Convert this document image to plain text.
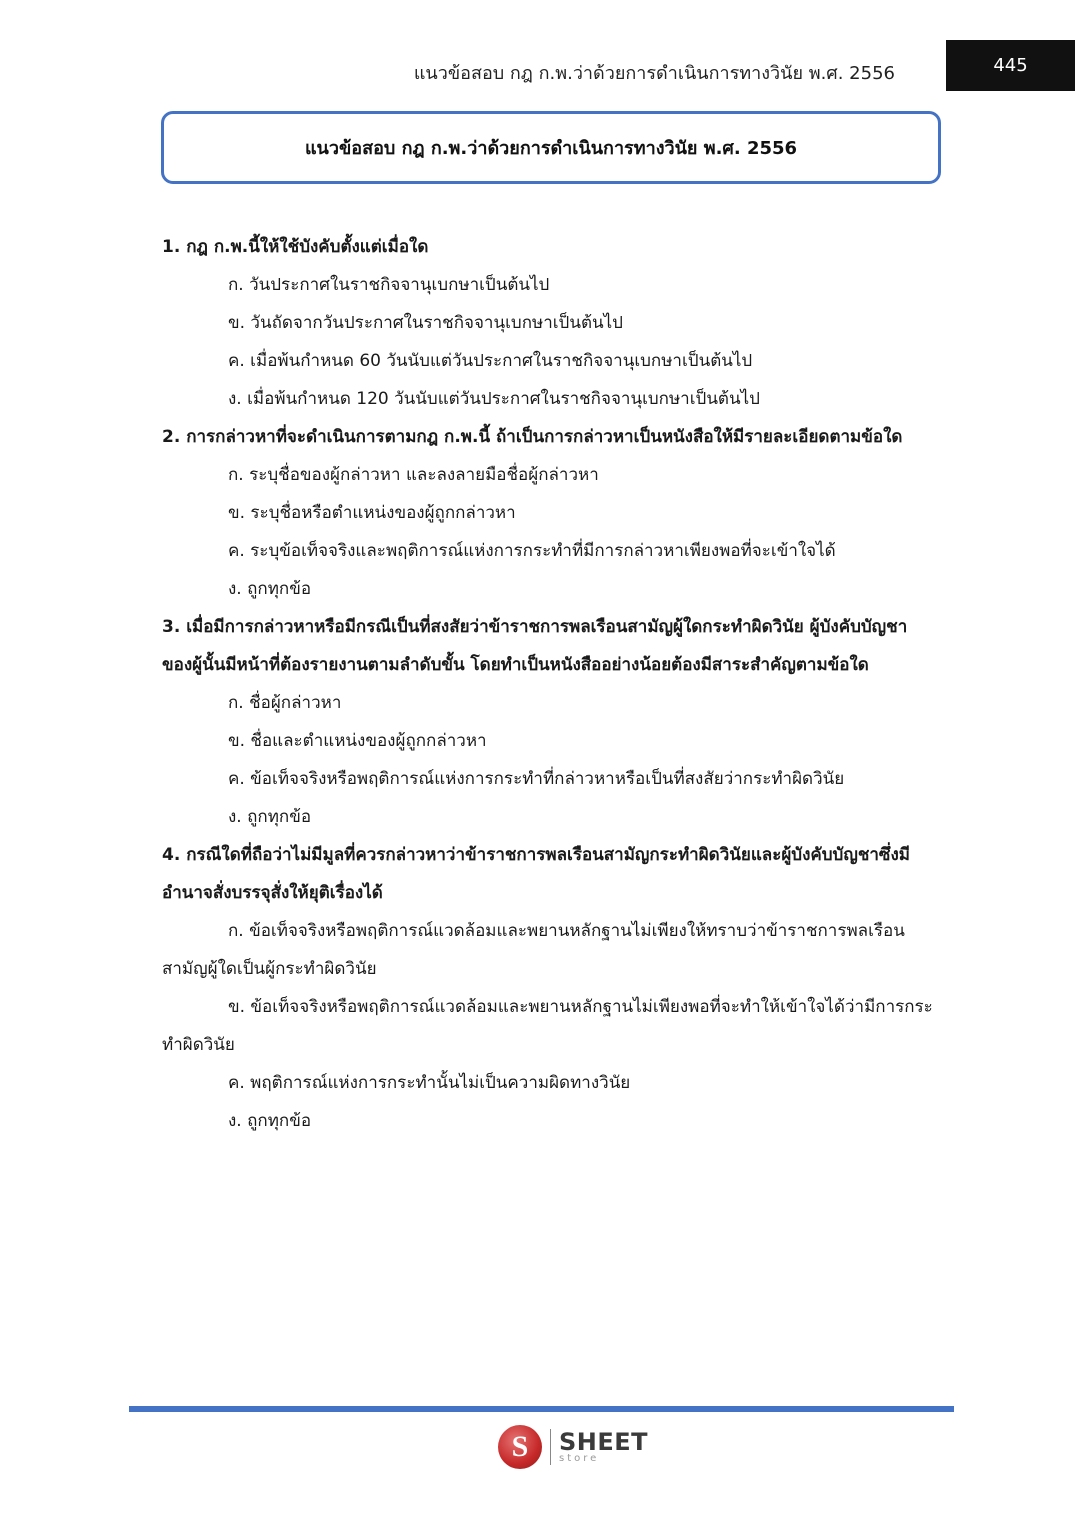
แนวข้อสอบ กฎ ก.พ.ว่าด้วยการดำเนินการทางวินัย พ.ศ. 2556	445
แนวข้อสอบ กฎ ก.พ.ว่าด้วยการดำเนินการทางวินัย พ.ศ. 2556

1. กฎ ก.พ.นี้ให้ใช้บังคับตั้งแต่เมื่อใด

ก. วันประกาศในราชกิจจานุเบกษาเป็นต้นไป

ข. วันถัดจากวันประกาศในราชกิจจานุเบกษาเป็นต้นไป

ค. เมื่อพ้นกำหนด 60 วันนับแต่วันประกาศในราชกิจจานุเบกษาเป็นต้นไป

ง. เมื่อพ้นกำหนด 120 วันนับแต่วันประกาศในราชกิจจานุเบกษาเป็นต้นไป

2. การกล่าวหาที่จะดำเนินการตามกฎ ก.พ.นี้ ถ้าเป็นการกล่าวหาเป็นหนังสือให้มีรายละเอียดตามข้อใด

ก. ระบุชื่อของผู้กล่าวหา และลงลายมือชื่อผู้กล่าวหา

ข. ระบุชื่อหรือตำแหน่งของผู้ถูกกล่าวหา

ค. ระบุข้อเท็จจริงและพฤติการณ์แห่งการกระทำที่มีการกล่าวหาเพียงพอที่จะเข้าใจได้

ง. ถูกทุกข้อ

3. เมื่อมีการกล่าวหาหรือมีกรณีเป็นที่สงสัยว่าข้าราชการพลเรือนสามัญผู้ใดกระทำผิดวินัย ผู้บังคับบัญชาของผู้นั้นมีหน้าที่ต้องรายงานตามลำดับขั้น โดยทำเป็นหนังสืออย่างน้อยต้องมีสาระสำคัญตามข้อใด

ก. ชื่อผู้กล่าวหา

ข. ชื่อและตำแหน่งของผู้ถูกกล่าวหา

ค. ข้อเท็จจริงหรือพฤติการณ์แห่งการกระทำที่กล่าวหาหรือเป็นที่สงสัยว่ากระทำผิดวินัย

ง. ถูกทุกข้อ

4. กรณีใดที่ถือว่าไม่มีมูลที่ควรกล่าวหาว่าข้าราชการพลเรือนสามัญกระทำผิดวินัยและผู้บังคับบัญชาซึ่งมีอำนาจสั่งบรรจุสั่งให้ยุติเรื่องได้

ก. ข้อเท็จจริงหรือพฤติการณ์แวดล้อมและพยานหลักฐานไม่เพียงให้ทราบว่าข้าราชการพลเรือนสามัญผู้ใดเป็นผู้กระทำผิดวินัย

ข. ข้อเท็จจริงหรือพฤติการณ์แวดล้อมและพยานหลักฐานไม่เพียงพอที่จะทำให้เข้าใจได้ว่ามีการกระทำผิดวินัย

ค. พฤติการณ์แห่งการกระทำนั้นไม่เป็นความผิดทางวินัย

ง. ถูกทุกข้อ

S	SHEET
store
